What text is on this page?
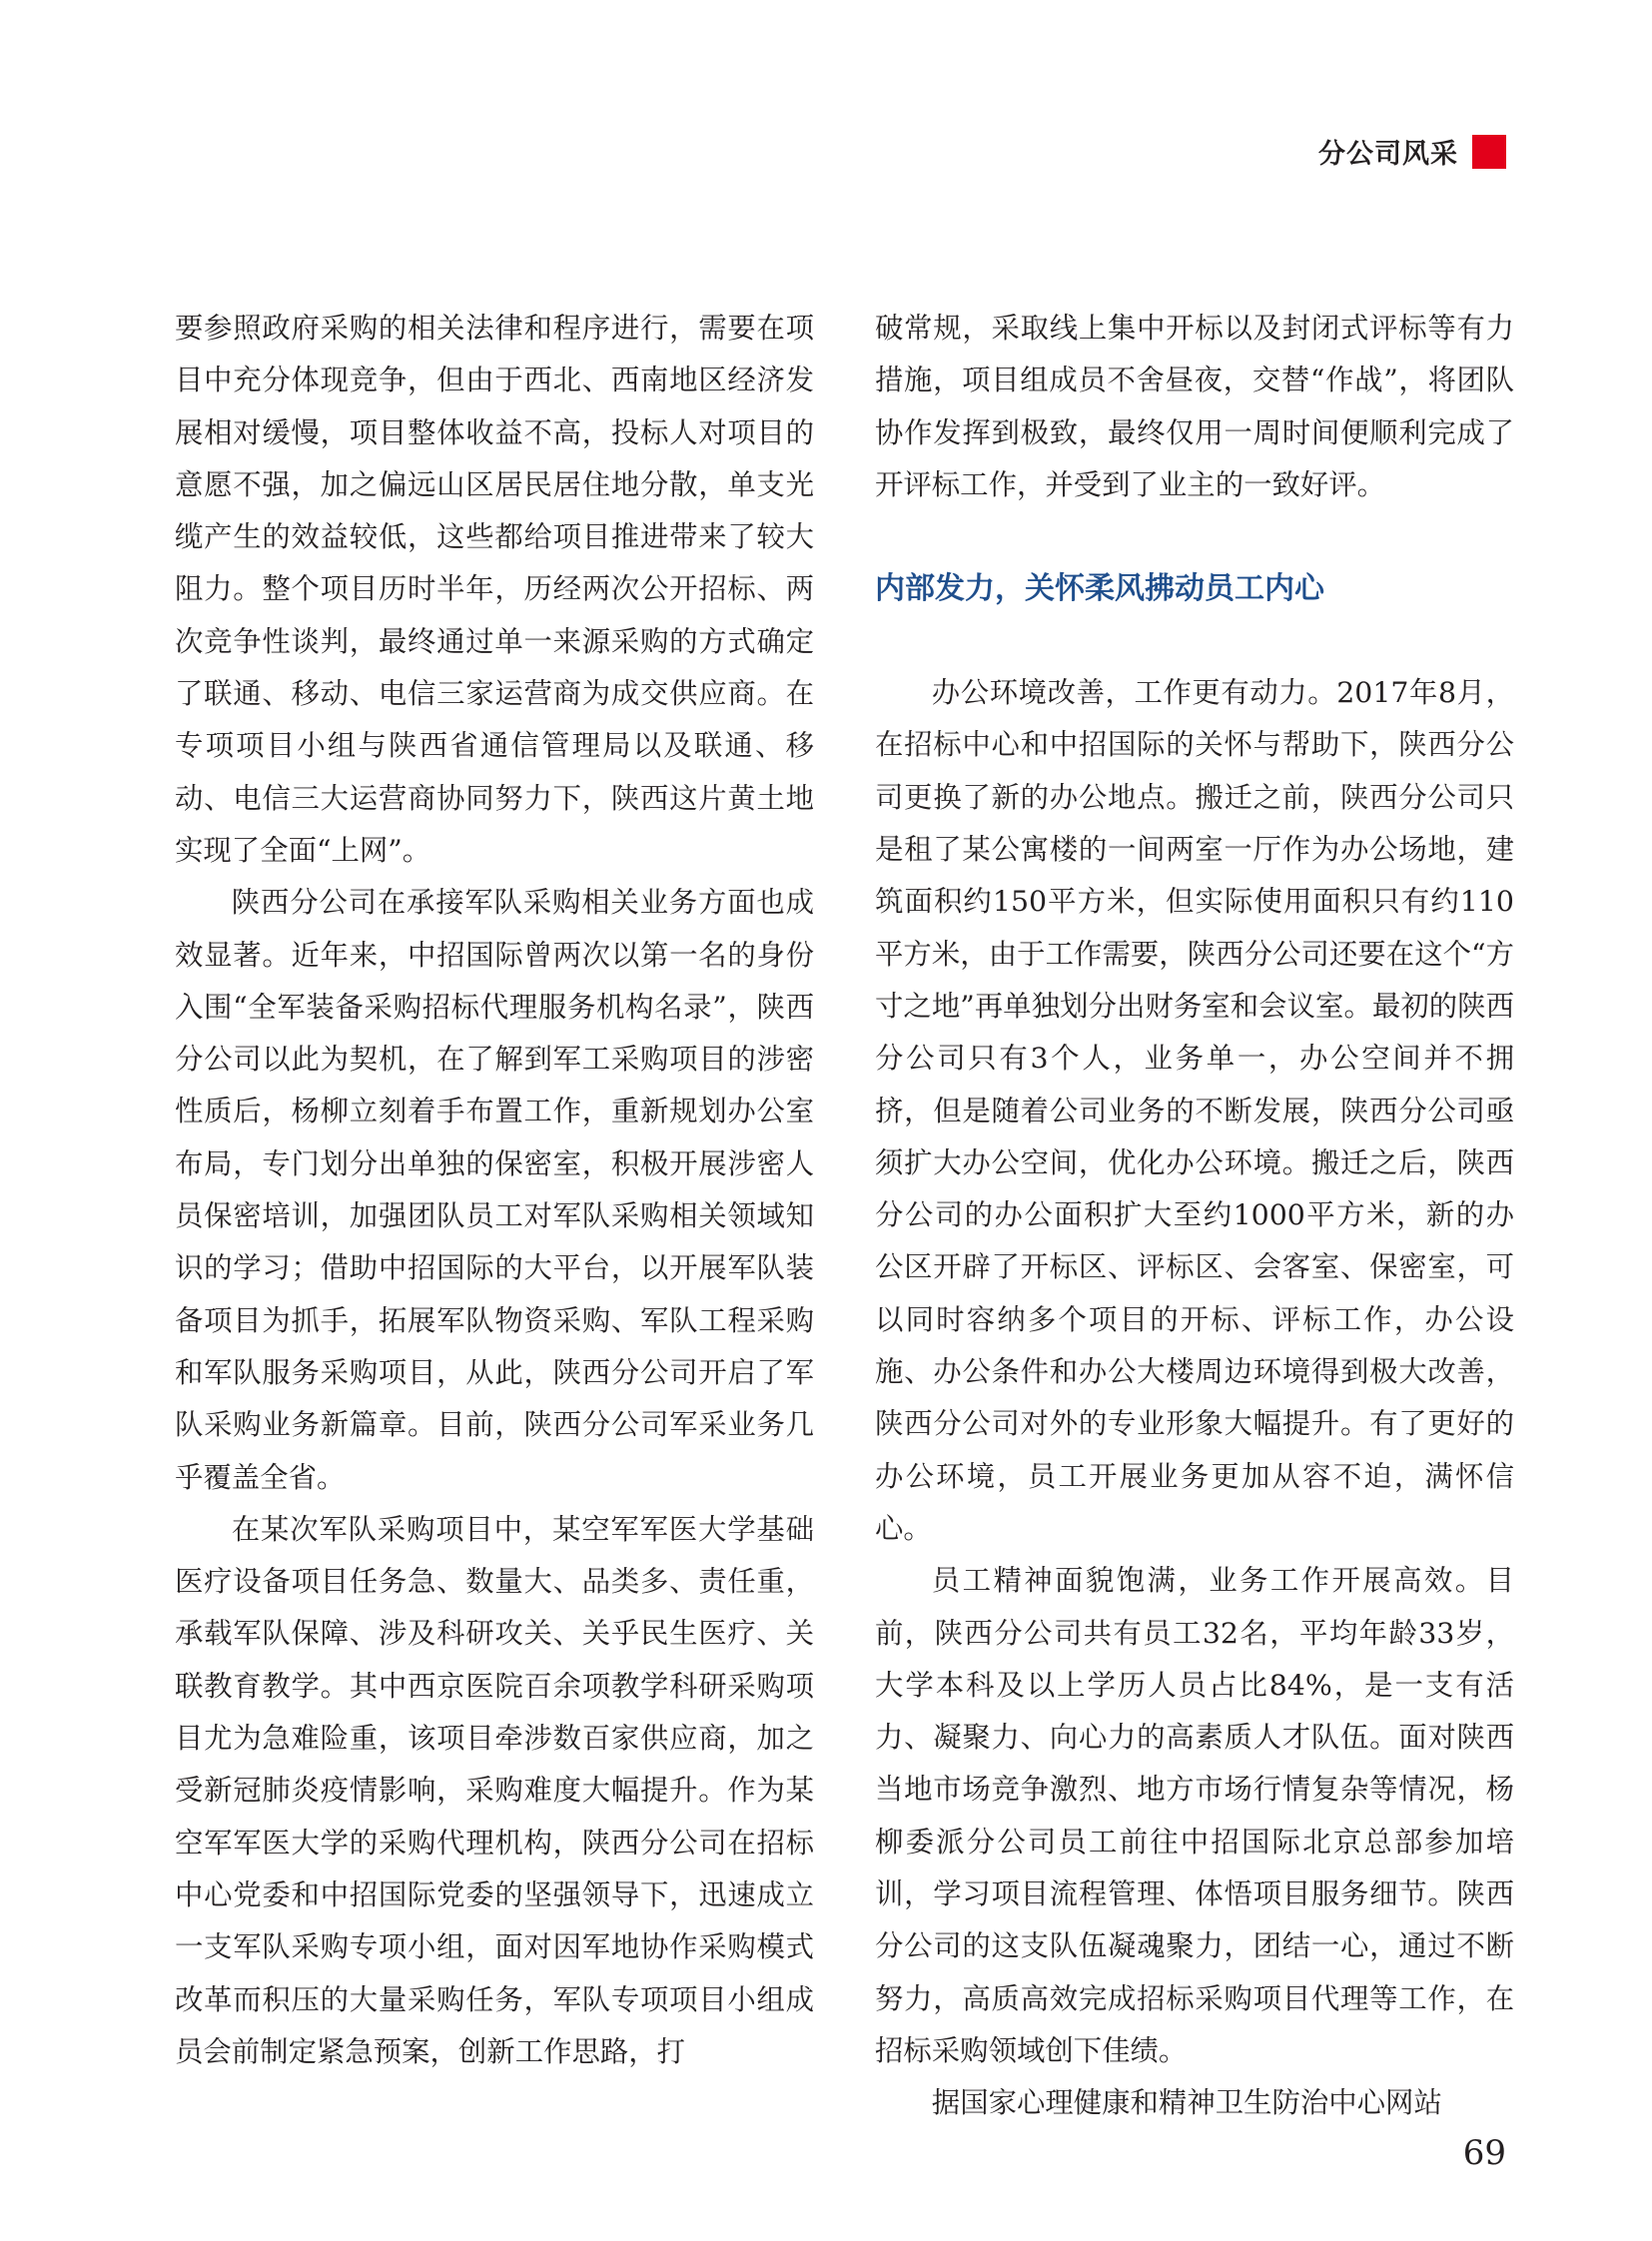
分公司风采

要参照政府采购的相关法律和程序进行，需要在项目中充分体现竞争，但由于西北、西南地区经济发展相对缓慢，项目整体收益不高，投标人对项目的意愿不强，加之偏远山区居民居住地分散，单支光缆产生的效益较低，这些都给项目推进带来了较大阻力。整个项目历时半年，历经两次公开招标、两次竞争性谈判，最终通过单一来源采购的方式确定了联通、移动、电信三家运营商为成交供应商。在专项项目小组与陕西省通信管理局以及联通、移动、电信三大运营商协同努力下，陕西这片黄土地实现了全面“上网”。

陕西分公司在承接军队采购相关业务方面也成效显著。近年来，中招国际曾两次以第一名的身份入围“全军装备采购招标代理服务机构名录”，陕西分公司以此为契机，在了解到军工采购项目的涉密性质后，杨柳立刻着手布置工作，重新规划办公室布局，专门划分出单独的保密室，积极开展涉密人员保密培训，加强团队员工对军队采购相关领域知识的学习；借助中招国际的大平台，以开展军队装备项目为抓手，拓展军队物资采购、军队工程采购和军队服务采购项目，从此，陕西分公司开启了军队采购业务新篇章。目前，陕西分公司军采业务几乎覆盖全省。

在某次军队采购项目中，某空军军医大学基础医疗设备项目任务急、数量大、品类多、责任重，承载军队保障、涉及科研攻关、关乎民生医疗、关联教育教学。其中西京医院百余项教学科研采购项目尤为急难险重，该项目牵涉数百家供应商，加之受新冠肺炎疫情影响，采购难度大幅提升。作为某空军军医大学的采购代理机构，陕西分公司在招标中心党委和中招国际党委的坚强领导下，迅速成立一支军队采购专项小组，面对因军地协作采购模式改革而积压的大量采购任务，军队专项项目小组成员会前制定紧急预案，创新工作思路，打

破常规，采取线上集中开标以及封闭式评标等有力措施，项目组成员不舍昼夜，交替“作战”，将团队协作发挥到极致，最终仅用一周时间便顺利完成了开评标工作，并受到了业主的一致好评。

内部发力，关怀柔风拂动员工内心

办公环境改善，工作更有动力。2017年8月，在招标中心和中招国际的关怀与帮助下，陕西分公司更换了新的办公地点。搬迁之前，陕西分公司只是租了某公寓楼的一间两室一厅作为办公场地，建筑面积约150平方米，但实际使用面积只有约110平方米，由于工作需要，陕西分公司还要在这个“方寸之地”再单独划分出财务室和会议室。最初的陕西分公司只有3个人，业务单一，办公空间并不拥挤，但是随着公司业务的不断发展，陕西分公司亟须扩大办公空间，优化办公环境。搬迁之后，陕西分公司的办公面积扩大至约1000平方米，新的办公区开辟了开标区、评标区、会客室、保密室，可以同时容纳多个项目的开标、评标工作，办公设施、办公条件和办公大楼周边环境得到极大改善，陕西分公司对外的专业形象大幅提升。有了更好的办公环境，员工开展业务更加从容不迫，满怀信心。

员工精神面貌饱满，业务工作开展高效。目前，陕西分公司共有员工32名，平均年龄33岁，大学本科及以上学历人员占比84%，是一支有活力、凝聚力、向心力的高素质人才队伍。面对陕西当地市场竞争激烈、地方市场行情复杂等情况，杨柳委派分公司员工前往中招国际北京总部参加培训，学习项目流程管理、体悟项目服务细节。陕西分公司的这支队伍凝魂聚力，团结一心，通过不断努力，高质高效完成招标采购项目代理等工作，在招标采购领域创下佳绩。

据国家心理健康和精神卫生防治中心网站

69
